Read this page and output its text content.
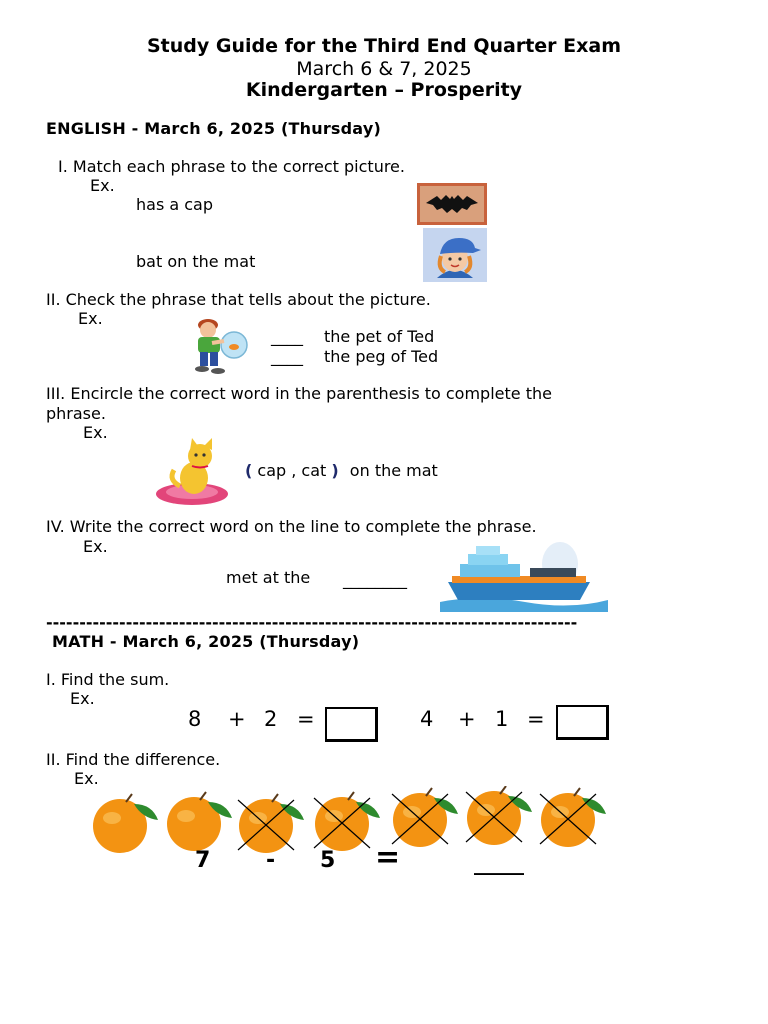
Study Guide for the Third End Quarter Exam
March 6 & 7, 2025
Kindergarten – Prosperity
ENGLISH - March 6, 2025 (Thursday)
I. Match each phrase to the correct picture.
Ex.
has a cap
bat on the mat
II. Check the phrase that tells about the picture.
Ex.
____ the pet of Ted
____ the peg of Ted
III. Encircle the correct word in the parenthesis to complete the
phrase.
Ex.
( cap , cat ) on the mat
IV. Write the correct word on the line to complete the phrase.
Ex.
met at the ________
--------------------------------------------------------------------------------
MATH - March 6, 2025 (Thursday)
I. Find the sum.
Ex.
8 + 2 =	4 + 1 =
II. Find the difference.
Ex.
7	- 5 =	_____
